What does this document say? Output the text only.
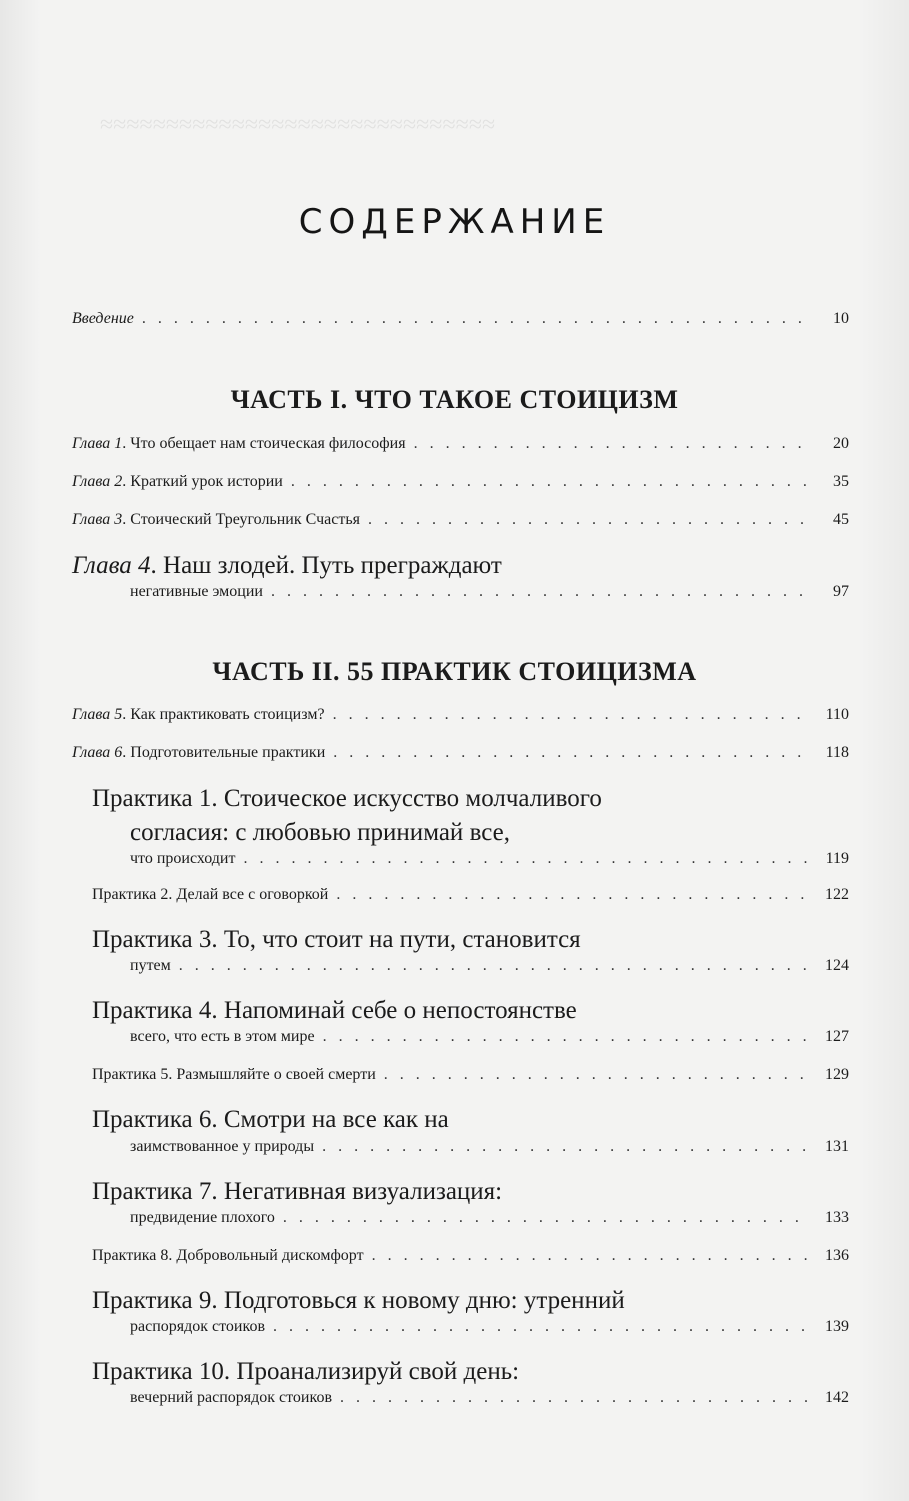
≈≈≈≈≈≈≈≈≈≈≈≈≈≈≈≈≈≈≈≈≈≈≈≈≈≈≈≈≈≈
СОДЕРЖАНИЕ
Введение . . .	10
ЧАСТЬ I. ЧТО ТАКОЕ СТОИЦИЗМ
Глава 1. Что обещает нам стоическая философия . . .	20
Глава 2. Краткий урок истории . . .	35
Глава 3. Стоический Треугольник Счастья . . .	45
Глава 4. Наш злодей. Путь преграждают
негативные эмоции . . .	97
ЧАСТЬ II. 55 ПРАКТИК СТОИЦИЗМА
Глава 5. Как практиковать стоицизм? . . .	110
Глава 6. Подготовительные практики . . .	118
Практика 1. Стоическое искусство молчаливого
согласия: с любовью принимай все,
что происходит . . .	119
Практика 2. Делай все с оговоркой . . .	122
Практика 3. То, что стоит на пути, становится
путем . . .	124
Практика 4. Напоминай себе о непостоянстве
всего, что есть в этом мире . . .	127
Практика 5. Размышляйте о своей смерти . . .	129
Практика 6. Смотри на все как на
заимствованное у природы . . .	131
Практика 7. Негативная визуализация:
предвидение плохого . . .	133
Практика 8. Добровольный дискомфорт . . .	136
Практика 9. Подготовься к новому дню: утренний
распорядок стоиков . . .	139
Практика 10. Проанализируй свой день:
вечерний распорядок стоиков . . .	142
